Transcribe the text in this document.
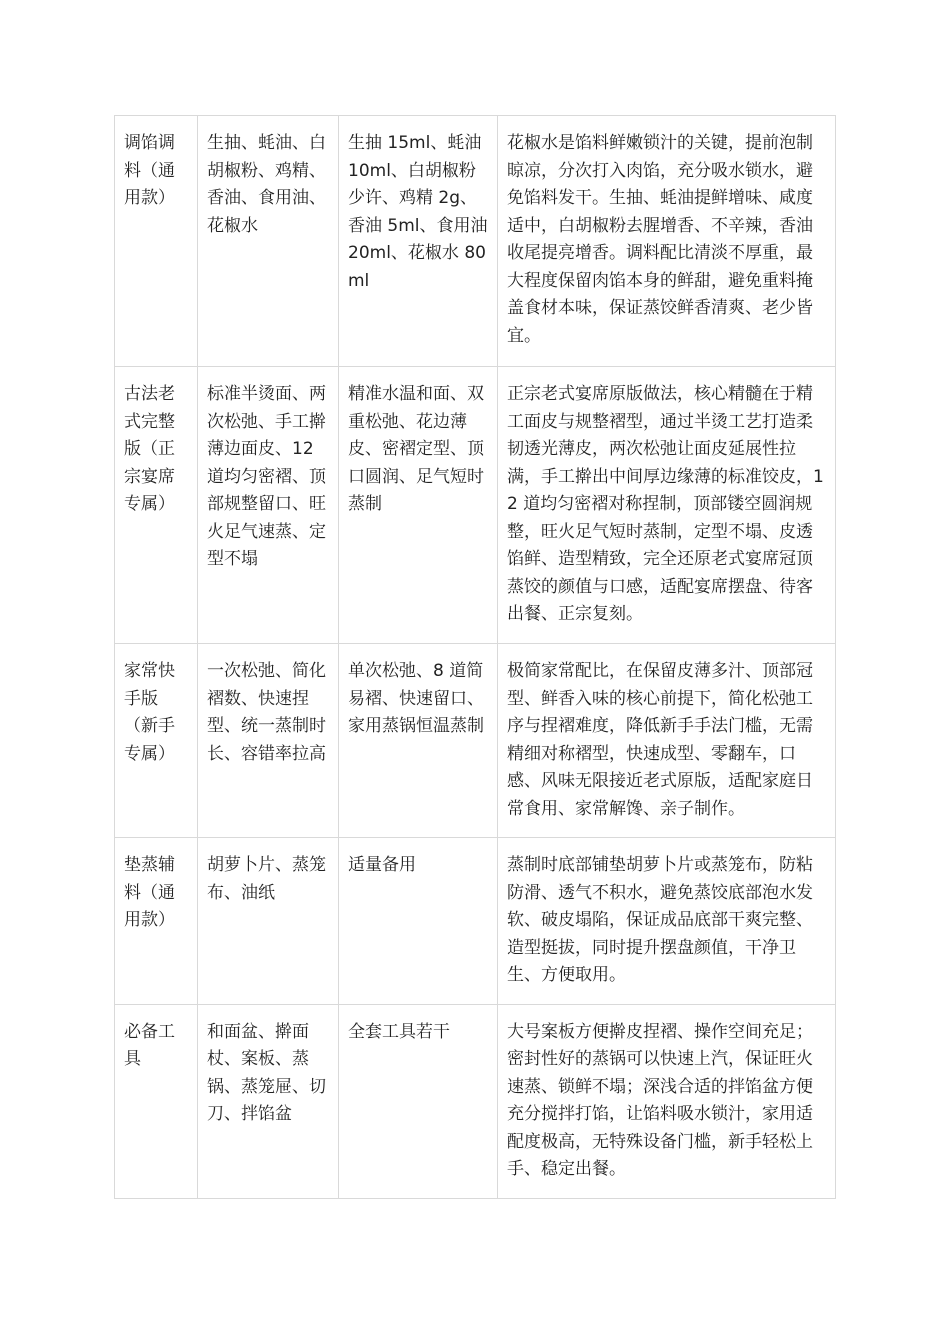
调馅调料（通用款）	生抽、蚝油、白胡椒粉、鸡精、香油、食用油、花椒水	生抽 15ml、蚝油 10ml、白胡椒粉少许、鸡精 2g、香油 5ml、食用油 20ml、花椒水 80ml	花椒水是馅料鲜嫩锁汁的关键，提前泡制晾凉，分次打入肉馅，充分吸水锁水，避免馅料发干。生抽、蚝油提鲜增味、咸度适中，白胡椒粉去腥增香、不辛辣，香油收尾提亮增香。调料配比清淡不厚重，最大程度保留肉馅本身的鲜甜，避免重料掩盖食材本味，保证蒸饺鲜香清爽、老少皆宜。
古法老式完整版（正宗宴席专属）	标准半烫面、两次松弛、手工擀薄边面皮、12 道均匀密褶、顶部规整留口、旺火足气速蒸、定型不塌	精准水温和面、双重松弛、花边薄皮、密褶定型、顶口圆润、足气短时蒸制	正宗老式宴席原版做法，核心精髓在于精工面皮与规整褶型，通过半烫工艺打造柔韧透光薄皮，两次松弛让面皮延展性拉满，手工擀出中间厚边缘薄的标准饺皮，12 道均匀密褶对称捏制，顶部镂空圆润规整，旺火足气短时蒸制，定型不塌、皮透馅鲜、造型精致，完全还原老式宴席冠顶蒸饺的颜值与口感，适配宴席摆盘、待客出餐、正宗复刻。
家常快手版（新手专属）	一次松弛、简化褶数、快速捏型、统一蒸制时长、容错率拉高	单次松弛、8 道简易褶、快速留口、家用蒸锅恒温蒸制	极简家常配比，在保留皮薄多汁、顶部冠型、鲜香入味的核心前提下，简化松弛工序与捏褶难度，降低新手手法门槛，无需精细对称褶型，快速成型、零翻车，口感、风味无限接近老式原版，适配家庭日常食用、家常解馋、亲子制作。
垫蒸辅料（通用款）	胡萝卜片、蒸笼布、油纸	适量备用	蒸制时底部铺垫胡萝卜片或蒸笼布，防粘防滑、透气不积水，避免蒸饺底部泡水发软、破皮塌陷，保证成品底部干爽完整、造型挺拔，同时提升摆盘颜值，干净卫生、方便取用。
必备工具	和面盆、擀面杖、案板、蒸锅、蒸笼屉、切刀、拌馅盆	全套工具若干	大号案板方便擀皮捏褶、操作空间充足；密封性好的蒸锅可以快速上汽，保证旺火速蒸、锁鲜不塌；深浅合适的拌馅盆方便充分搅拌打馅，让馅料吸水锁汁，家用适配度极高，无特殊设备门槛，新手轻松上手、稳定出餐。
